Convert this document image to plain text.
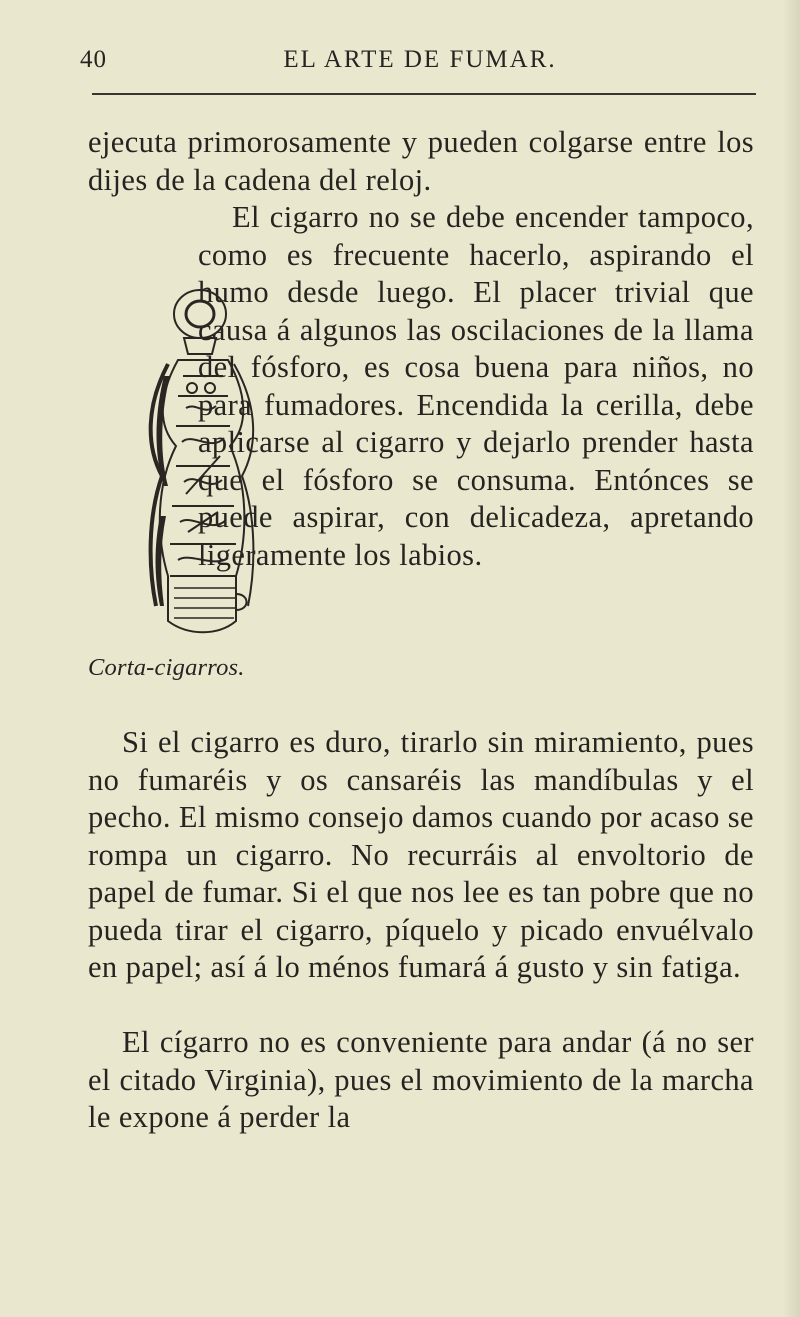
40	EL ARTE DE FUMAR.

ejecuta primorosamente y pueden colgarse entre los dijes de la cadena del reloj.

El cigarro no se debe encender tampoco, como es frecuente hacerlo, aspirando el humo desde luego. El placer trivial que causa á algunos las oscilaciones de la llama del fósforo, es cosa buena para niños, no para fumadores. Encendida la cerilla, debe aplicarse al cigarro y dejarlo prender hasta que el fósforo se consuma. Entónces se puede aspirar, con delicadeza, apretando ligeramente los labios.

Si el cigarro es duro, tirarlo sin miramiento, pues no fumaréis y os cansaréis las mandíbulas y el pecho. El mismo consejo damos cuando por acaso se rompa un cigarro. No recurráis al envoltorio de papel de fumar. Si el que nos lee es tan pobre que no pueda tirar el cigarro, píquelo y picado envuélvalo en papel; así á lo ménos fumará á gusto y sin fatiga.

El cígarro no es conveniente para andar (á no ser el citado Virginia), pues el movimiento de la marcha le expone á perder la

Corta-cigarros.
